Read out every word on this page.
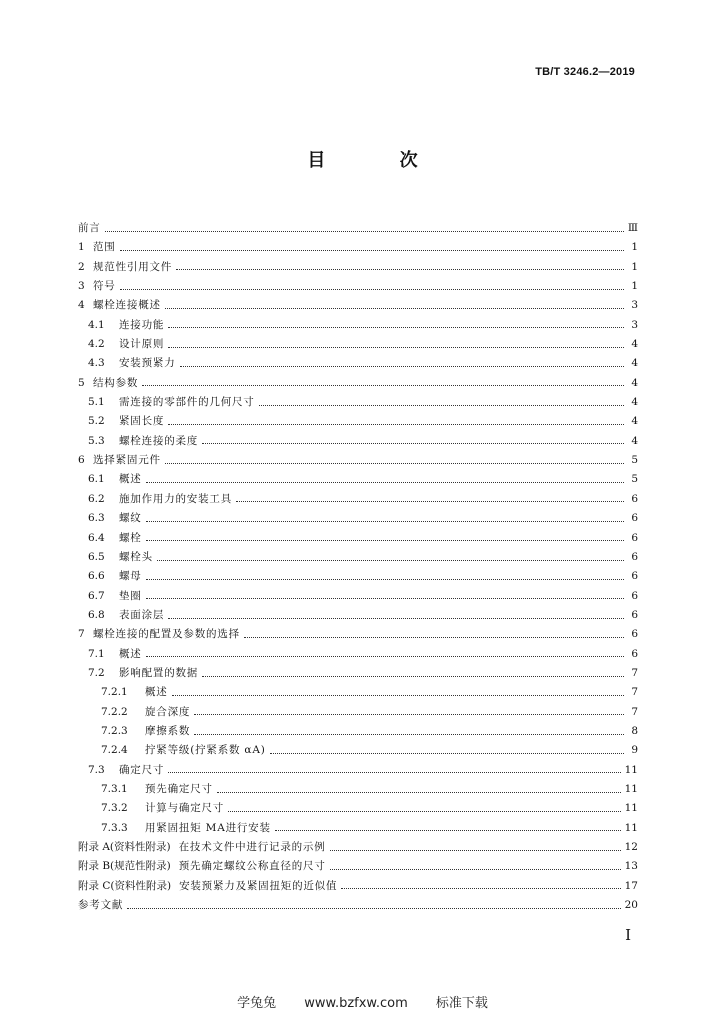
TB/T 3246.2—2019
目 次
前言	Ⅲ
1 范围	1
2 规范性引用文件	1
3 符号	1
4 螺栓连接概述	3
4.1	连接功能	3
4.2	设计原则	4
4.3	安装预紧力	4
5 结构参数	4
5.1	需连接的零部件的几何尺寸	4
5.2	紧固长度	4
5.3	螺栓连接的柔度	4
6 选择紧固元件	5
6.1	概述	5
6.2	施加作用力的安装工具	6
6.3	螺纹	6
6.4	螺栓	6
6.5	螺栓头	6
6.6	螺母	6
6.7	垫圈	6
6.8	表面涂层	6
7 螺栓连接的配置及参数的选择	6
7.1	概述	6
7.2	影响配置的数据	7
7.2.1	概述	7
7.2.2	旋合深度	7
7.2.3	摩擦系数	8
7.2.4	拧紧等级(拧紧系数 αA)	9
7.3	确定尺寸	11
7.3.1	预先确定尺寸	11
7.3.2	计算与确定尺寸	11
7.3.3	用紧固扭矩 MA进行安装	11
附录 A(资料性附录) 在技术文件中进行记录的示例	12
附录 B(规范性附录) 预先确定螺纹公称直径的尺寸	13
附录 C(资料性附录) 安装预紧力及紧固扭矩的近似值	17
参考文献	20
I
学兔兔 www.bzfxw.com 标准下载
